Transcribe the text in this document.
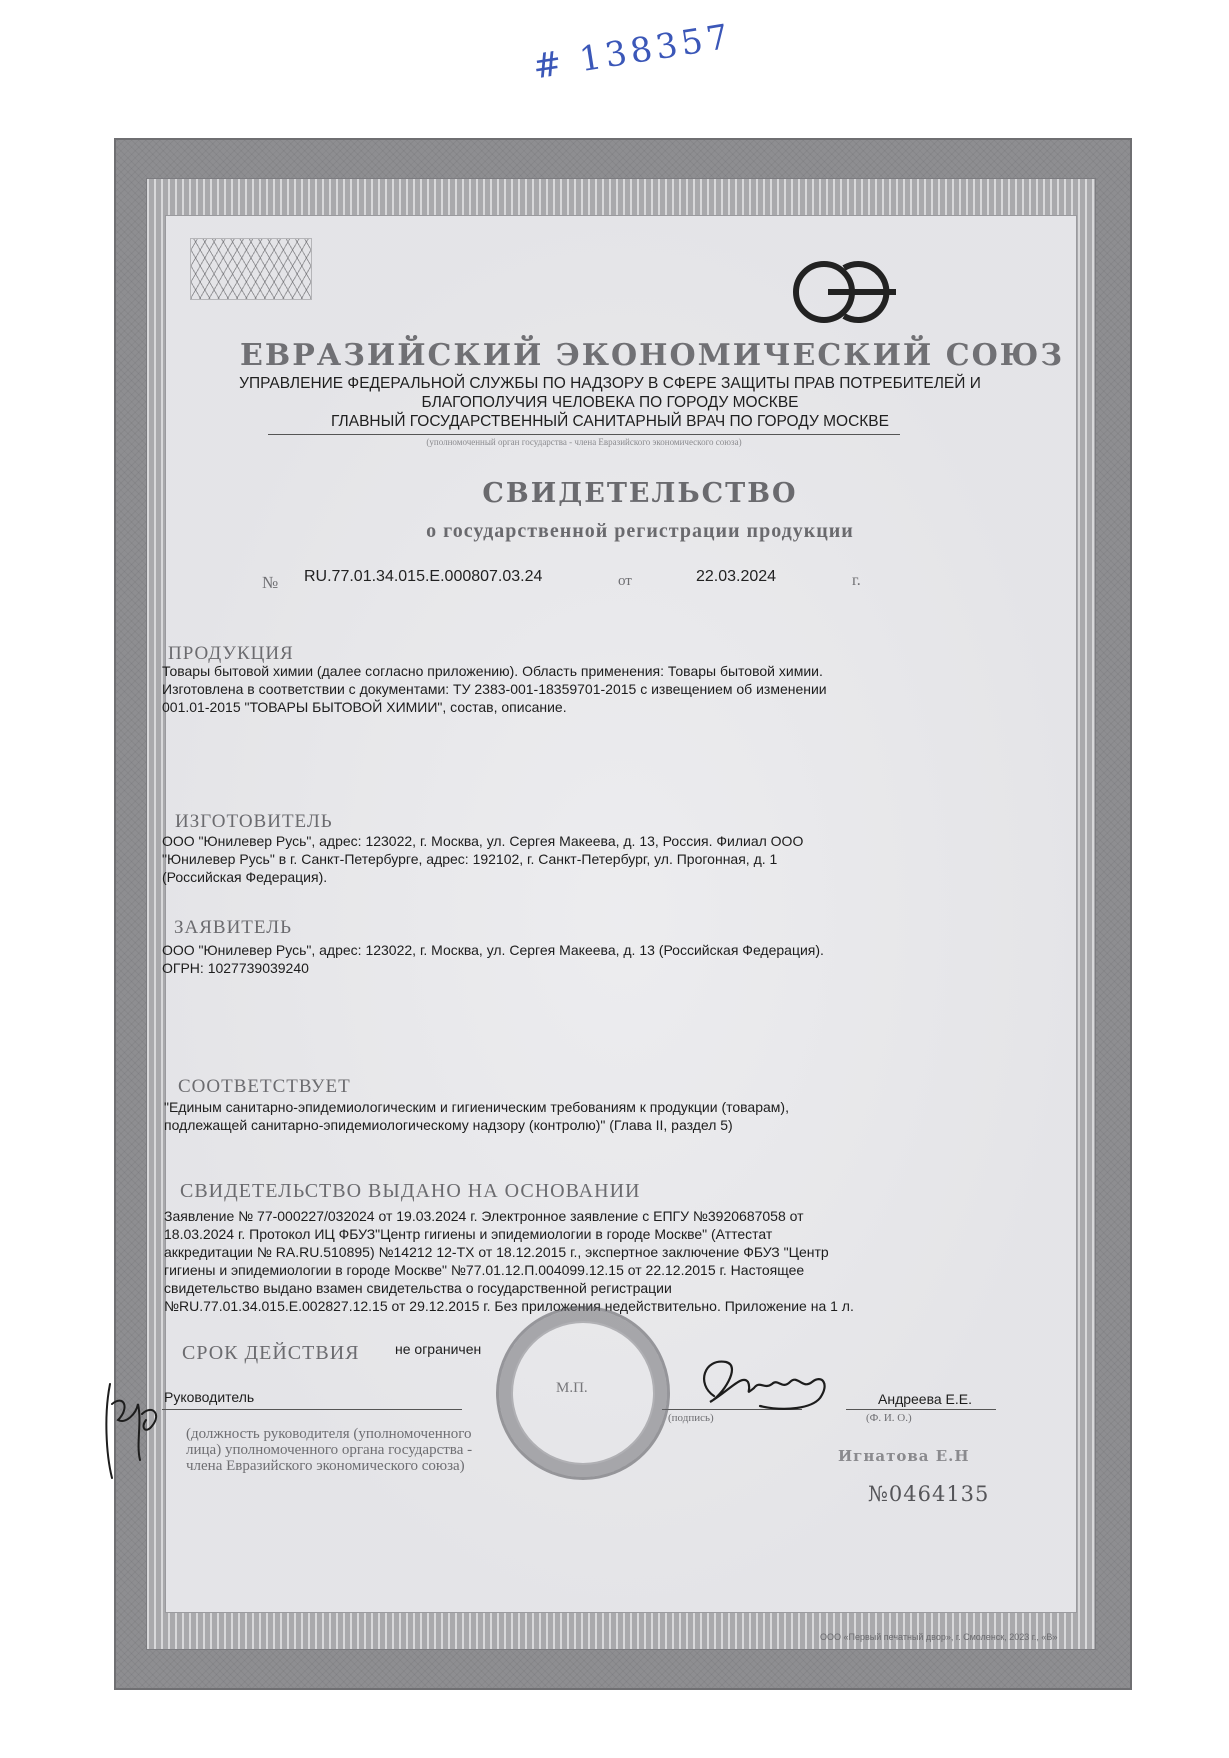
# 138357
ЕВРАЗИЙСКИЙ ЭКОНОМИЧЕСКИЙ СОЮЗ
УПРАВЛЕНИЕ ФЕДЕРАЛЬНОЙ СЛУЖБЫ ПО НАДЗОРУ В СФЕРЕ ЗАЩИТЫ ПРАВ ПОТРЕБИТЕЛЕЙ И
БЛАГОПОЛУЧИЯ ЧЕЛОВЕКА ПО ГОРОДУ МОСКВЕ
ГЛАВНЫЙ ГОСУДАРСТВЕННЫЙ САНИТАРНЫЙ ВРАЧ ПО ГОРОДУ МОСКВЕ
(уполномоченный орган государства - члена Евразийского экономического союза)
СВИДЕТЕЛЬСТВО
о государственной регистрации продукции
№ RU.77.01.34.015.E.000807.03.24	от	22.03.2024	г.
ПРОДУКЦИЯ
Товары бытовой химии (далее согласно приложению). Область применения: Товары бытовой химии.
Изготовлена в соответствии с документами: ТУ 2383-001-18359701-2015 с извещением об изменении
001.01-2015 "ТОВАРЫ БЫТОВОЙ ХИМИИ", состав, описание.
ИЗГОТОВИТЕЛЬ
ООО "Юнилевер Русь", адрес: 123022, г. Москва, ул. Сергея Макеева, д. 13, Россия. Филиал ООО
"Юнилевер Русь" в г. Санкт-Петербурге, адрес: 192102, г. Санкт-Петербург, ул. Прогонная, д. 1
(Российская Федерация).
ЗАЯВИТЕЛЬ
ООО "Юнилевер Русь", адрес: 123022, г. Москва, ул. Сергея Макеева, д. 13 (Российская Федерация).
ОГРН: 1027739039240
СООТВЕТСТВУЕТ
"Единым санитарно-эпидемиологическим и гигиеническим требованиям к продукции (товарам),
подлежащей санитарно-эпидемиологическому надзору (контролю)" (Глава II, раздел 5)
СВИДЕТЕЛЬСТВО ВЫДАНО НА ОСНОВАНИИ
Заявление № 77-000227/032024 от 19.03.2024 г. Электронное заявление с ЕПГУ №3920687058 от
18.03.2024 г. Протокол ИЦ ФБУЗ"Центр гигиены и эпидемиологии в городе Москве" (Аттестат
аккредитации № RA.RU.510895) №14212 12-ТХ от 18.12.2015 г., экспертное заключение ФБУЗ "Центр
гигиены и эпидемиологии в городе Москве" №77.01.12.П.004099.12.15 от 22.12.2015 г. Настоящее
свидетельство выдано взамен свидетельства о государственной регистрации
№RU.77.01.34.015.Е.002827.12.15 от 29.12.2015 г. Без приложения недействительно. Приложение на 1 л.
СРОК ДЕЙСТВИЯ	не ограничен
Руководитель	Андреева Е.Е.
(подпись)	(Ф. И. О.)
(должность руководителя (уполномоченного
лица) уполномоченного органа государства -
члена Евразийского экономического союза)
М.П.
Игнатова Е.Н
№0464135
ООО «Первый печатный двор», г. Смоленск, 2023 г., «В»
